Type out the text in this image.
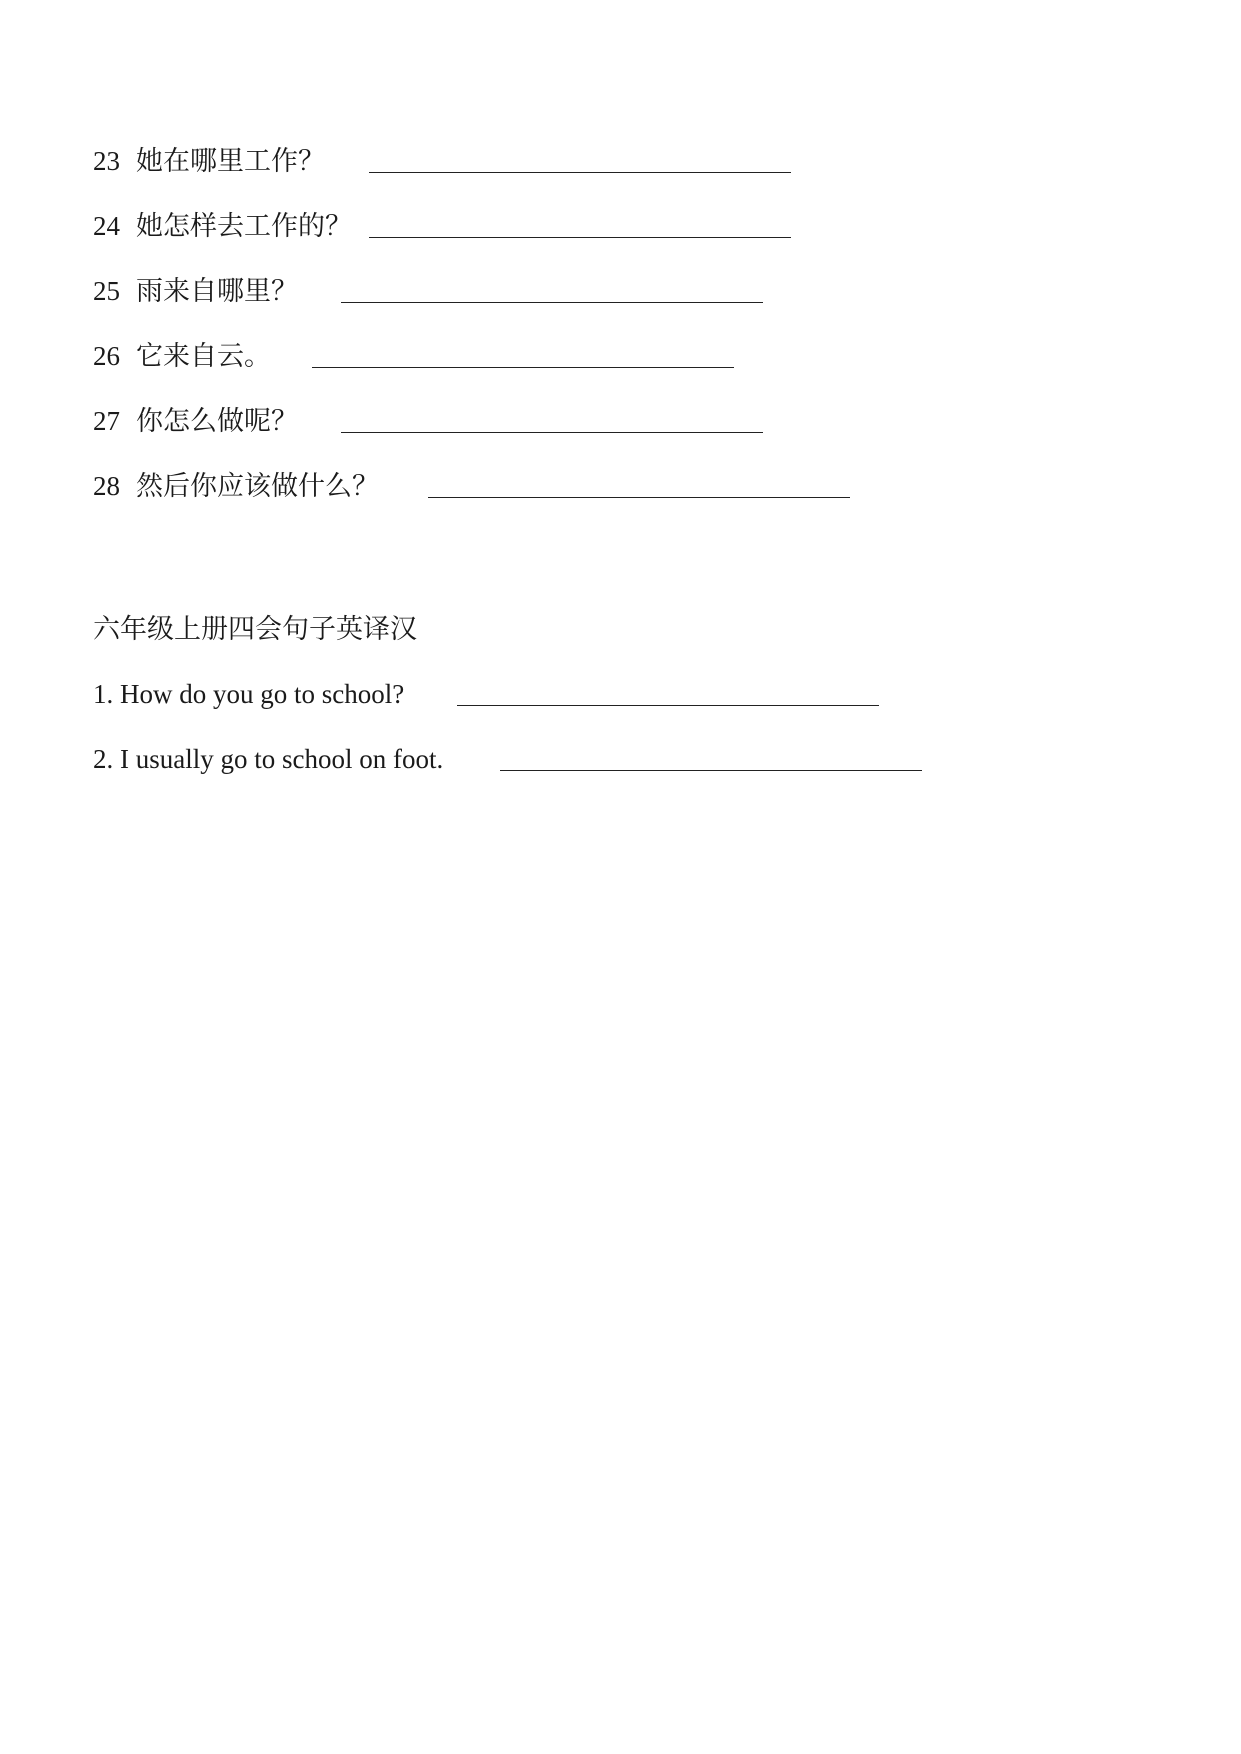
23 她在哪里工作？
24 她怎样去工作的？
25 雨来自哪里？
26 它来自云。
27 你怎么做呢？
28 然后你应该做什么？
六年级上册四会句子英译汉
1. How do you go to school?
2. I usually go to school on foot.
